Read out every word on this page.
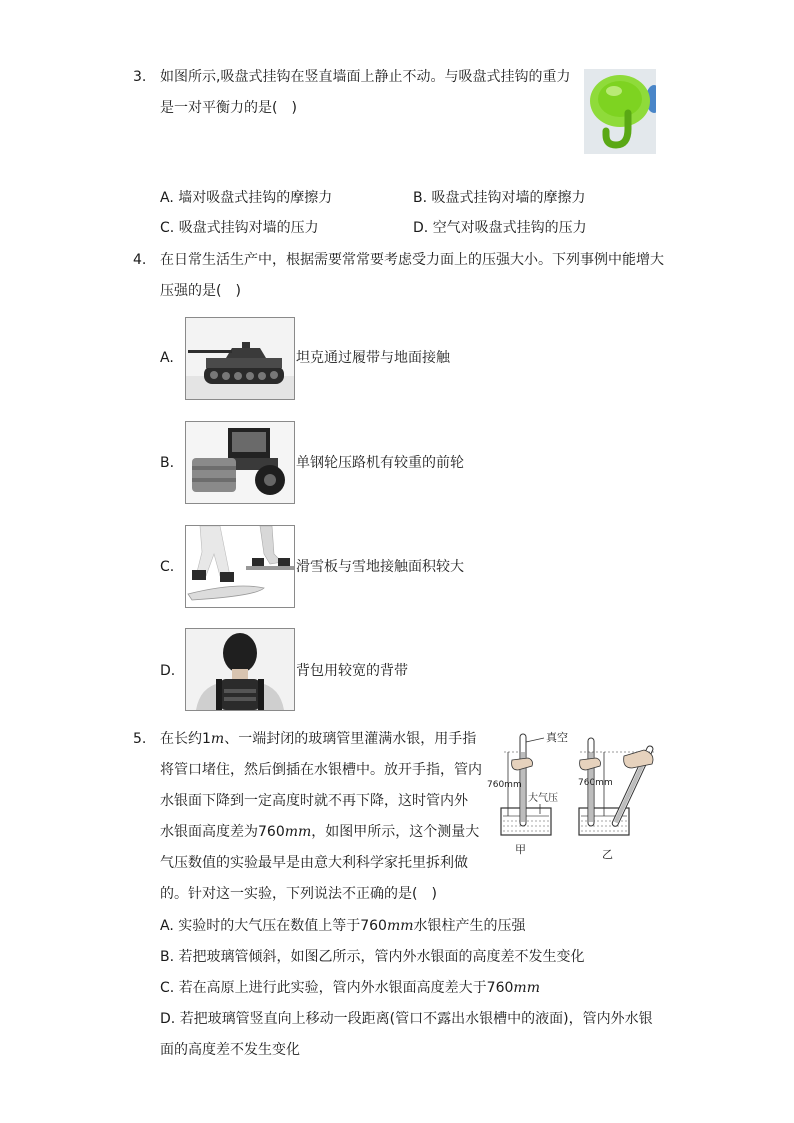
3. 如图所示,吸盘式挂钩在竖直墙面上静止不动。与吸盘式挂钩的重力
是一对平衡力的是(　)
A. 墙对吸盘式挂钩的摩擦力	B. 吸盘式挂钩对墙的摩擦力
C. 吸盘式挂钩对墙的压力	D. 空气对吸盘式挂钩的压力
4. 在日常生活生产中，根据需要常常要考虑受力面上的压强大小。下列事例中能增大
压强的是(　)
A.	坦克通过履带与地面接触
B.	单钢轮压路机有较重的前轮
C.	滑雪板与雪地接触面积较大
D.	背包用较宽的背带
5. 在长约1m、一端封闭的玻璃管里灌满水银，用手指
将管口堵住，然后倒插在水银槽中。放开手指，管内
水银面下降到一定高度时就不再下降，这时管内外
水银面高度差为760mm，如图甲所示，这个测量大
气压数值的实验最早是由意大利科学家托里拆利做
的。针对这一实验，下列说法不正确的是(　)
760mm
真空
大气压
甲
760mm
乙
A. 实验时的大气压在数值上等于760mm水银柱产生的压强
B. 若把玻璃管倾斜，如图乙所示，管内外水银面的高度差不发生变化
C. 若在高原上进行此实验，管内外水银面高度差大于760mm
D. 若把玻璃管竖直向上移动一段距离(管口不露出水银槽中的液面)，管内外水银
面的高度差不发生变化
